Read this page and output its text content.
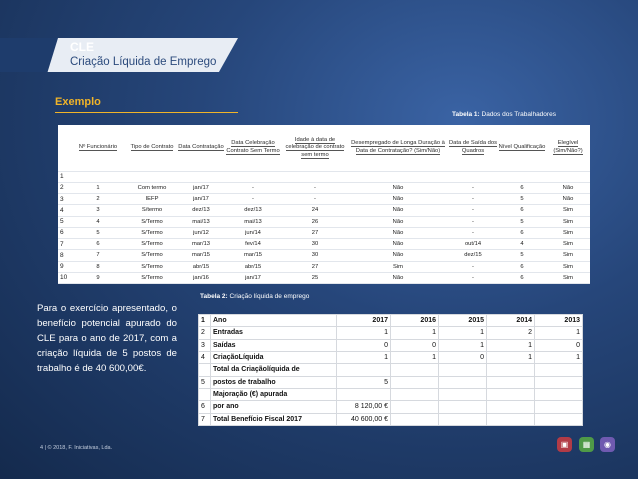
CLE
Criação Líquida de Emprego
Exemplo
Tabela 1: Dados dos Trabalhadores
	Nº Funcionário	Tipo de Contrato	Data Contratação	Data Celebração Contrato Sem Termo	Idade à data de celebração de contrato sem termo	Desempregado de Longa Duração à Data de Contratação? (Sim/Não)	Data de Saída dos Quadros	Nível Qualificação	Elegível (Sim/Não?)
1									
2	1	Com termo	jan/17	-	-	Não	-	6	Não
3	2	IEFP	jan/17	-	-	Não	-	5	Não
4	3	S/termo	dez/13	dez/13	24	Não	-	6	Sim
5	4	S/Termo	mai/13	mai/13	26	Não	-	5	Sim
6	5	S/Termo	jun/12	jun/14	27	Não	-	6	Sim
7	6	S/Termo	mar/13	fev/14	30	Não	out/14	4	Sim
8	7	S/Termo	mar/15	mar/15	30	Não	dez/15	5	Sim
9	8	S/Termo	abr/15	abr/15	27	Sim	-	6	Sim
10	9	S/Termo	jan/16	jan/17	25	Não	-	6	Sim
Para o exercício apresentado, o benefício potencial apurado do CLE para o ano de 2017, com a criação líquida de 5 postos de trabalho é de 40 600,00€.
Tabela 2: Criação líquida de emprego
1	Ano	2017	2016	2015	2014	2013
2	Entradas	1	1	1	2	1
3	Saídas	0	0	1	1	0
4	CriaçãoLíquida	1	1	0	1	1
	Total da Criaçãolíquida de					
5	postos de trabalho	5				
	Majoração (€) apurada					
6	por ano	8 120,00 €				
7	Total Benefício Fiscal 2017	40 600,00 €				
4 | © 2018, F. Iniciativas, Lda.	▣	▦	◉
